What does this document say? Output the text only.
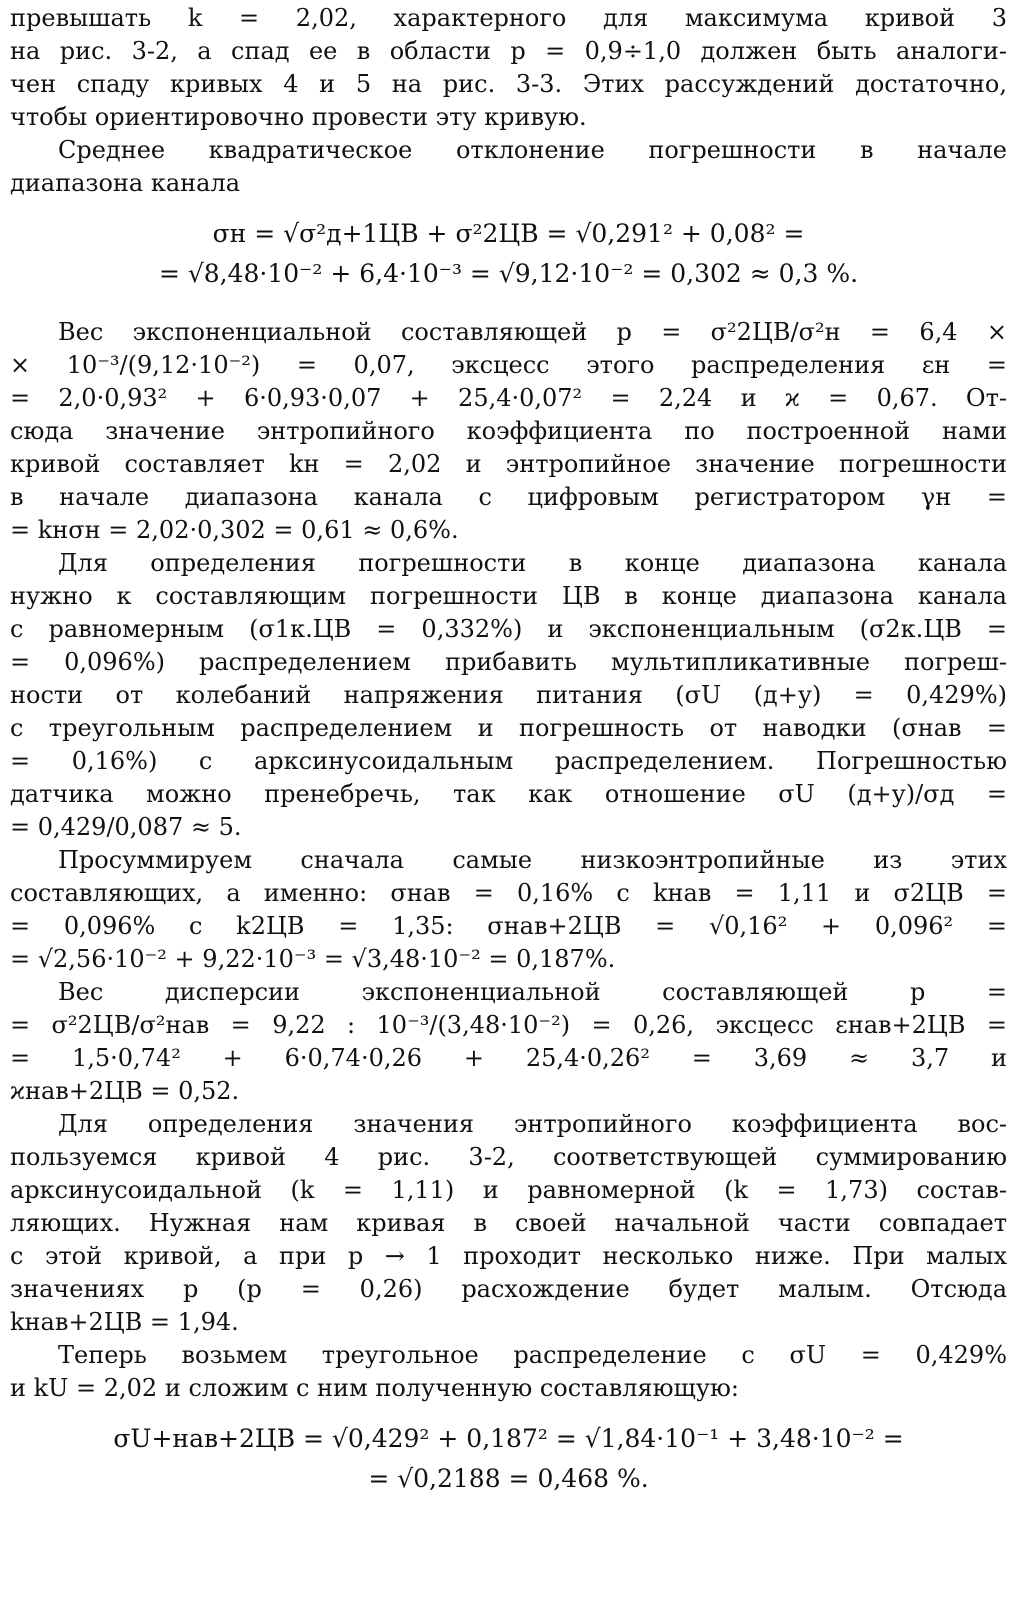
превышать k = 2,02, характерного для максимума кривой 3
на рис. 3-2, а спад ее в области p = 0,9÷1,0 должен быть аналоги-
чен спаду кривых 4 и 5 на рис. 3-3. Этих рассуждений достаточно,
чтобы ориентировочно провести эту кривую.
Среднее квадратическое отклонение погрешности в начале
диапазона канала
σн = √σ²д+1ЦВ + σ²2ЦВ = √0,291² + 0,08² =
= √8,48·10⁻² + 6,4·10⁻³ = √9,12·10⁻² = 0,302 ≈ 0,3 %.
Вес экспоненциальной составляющей p = σ²2ЦВ/σ²н = 6,4 ×
× 10⁻³/(9,12·10⁻²) = 0,07, эксцесс этого распределения εн =
= 2,0·0,93² + 6·0,93·0,07 + 25,4·0,07² = 2,24 и ϰ = 0,67. От-
сюда значение энтропийного коэффициента по построенной нами
кривой составляет kн = 2,02 и энтропийное значение погрешности
в начале диапазона канала с цифровым регистратором γн =
= kнσн = 2,02·0,302 = 0,61 ≈ 0,6%.
Для определения погрешности в конце диапазона канала
нужно к составляющим погрешности ЦВ в конце диапазона канала
с равномерным (σ1к.ЦВ = 0,332%) и экспоненциальным (σ2к.ЦВ =
= 0,096%) распределением прибавить мультипликативные погреш-
ности от колебаний напряжения питания (σU (д+у) = 0,429%)
с треугольным распределением и погрешность от наводки (σнав =
= 0,16%) с арксинусоидальным распределением. Погрешностью
датчика можно пренебречь, так как отношение σU (д+у)/σд =
= 0,429/0,087 ≈ 5.
Просуммируем сначала самые низкоэнтропийные из этих
составляющих, а именно: σнав = 0,16% с kнав = 1,11 и σ2ЦВ =
= 0,096% с k2ЦВ = 1,35: σнав+2ЦВ = √0,16² + 0,096² =
= √2,56·10⁻² + 9,22·10⁻³ = √3,48·10⁻² = 0,187%.
Вес дисперсии экспоненциальной составляющей p =
= σ²2ЦВ/σ²нав = 9,22 : 10⁻³/(3,48·10⁻²) = 0,26, эксцесс εнав+2ЦВ =
= 1,5·0,74² + 6·0,74·0,26 + 25,4·0,26² = 3,69 ≈ 3,7 и
ϰнав+2ЦВ = 0,52.
Для определения значения энтропийного коэффициента вос-
пользуемся кривой 4 рис. 3-2, соответствующей суммированию
арксинусоидальной (k = 1,11) и равномерной (k = 1,73) состав-
ляющих. Нужная нам кривая в своей начальной части совпадает
с этой кривой, а при p → 1 проходит несколько ниже. При малых
значениях p (p = 0,26) расхождение будет малым. Отсюда
kнав+2ЦВ = 1,94.
Теперь возьмем треугольное распределение с σU = 0,429%
и kU = 2,02 и сложим с ним полученную составляющую:
σU+нав+2ЦВ = √0,429² + 0,187² = √1,84·10⁻¹ + 3,48·10⁻² =
= √0,2188 = 0,468 %.
